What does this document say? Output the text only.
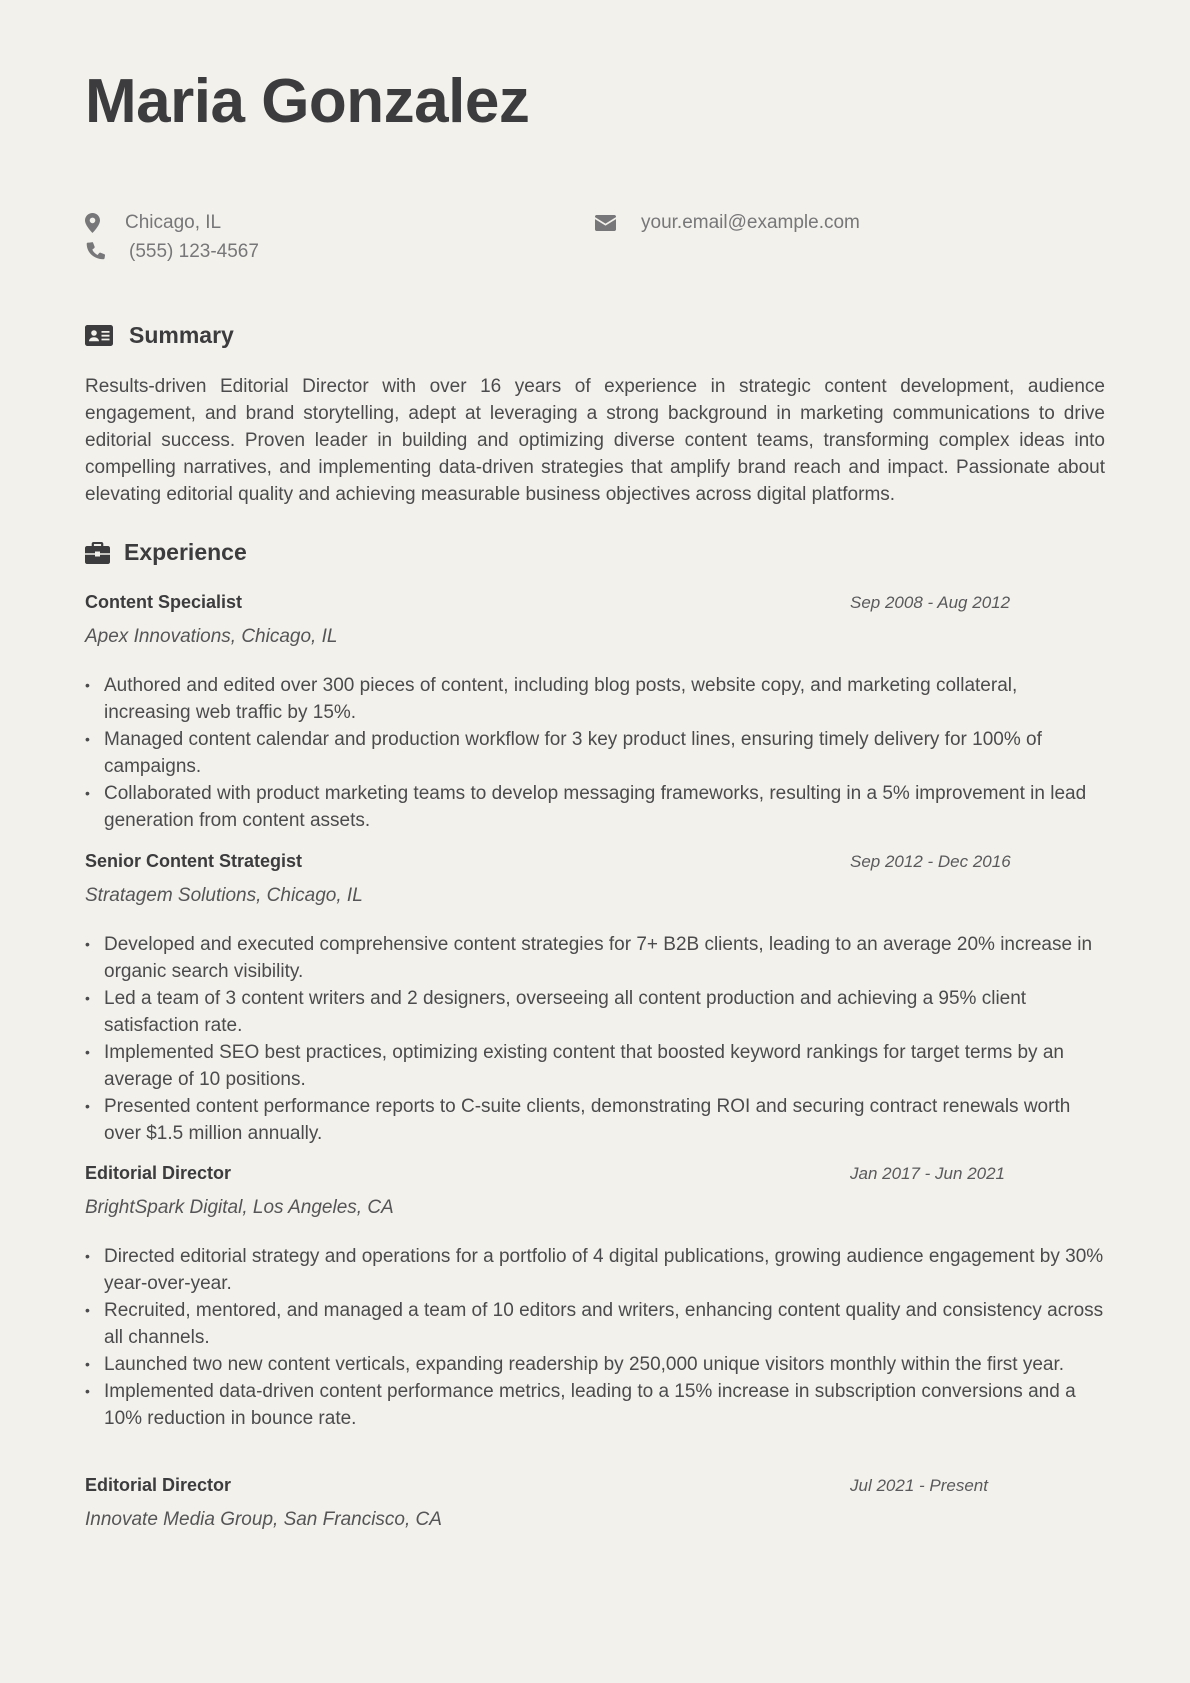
Maria Gonzalez
Chicago, IL
(555) 123-4567
your.email@example.com
Summary

Results-driven Editorial Director with over 16 years of experience in strategic content development, audience engagement, and brand storytelling, adept at leveraging a strong background in marketing communications to drive editorial success. Proven leader in building and optimizing diverse content teams, transforming complex ideas into compelling narratives, and implementing data-driven strategies that amplify brand reach and impact. Passionate about elevating editorial quality and achieving measurable business objectives across digital platforms.

Experience
Content Specialist	Sep 2008 - Aug 2012
Apex Innovations, Chicago, IL
• Authored and edited over 300 pieces of content, including blog posts, website copy, and marketing collateral, increasing web traffic by 15%.
• Managed content calendar and production workflow for 3 key product lines, ensuring timely delivery for 100% of campaigns.
• Collaborated with product marketing teams to develop messaging frameworks, resulting in a 5% improvement in lead generation from content assets.
Senior Content Strategist	Sep 2012 - Dec 2016
Stratagem Solutions, Chicago, IL
• Developed and executed comprehensive content strategies for 7+ B2B clients, leading to an average 20% increase in organic search visibility.
• Led a team of 3 content writers and 2 designers, overseeing all content production and achieving a 95% client satisfaction rate.
• Implemented SEO best practices, optimizing existing content that boosted keyword rankings for target terms by an average of 10 positions.
• Presented content performance reports to C-suite clients, demonstrating ROI and securing contract renewals worth over $1.5 million annually.
Editorial Director	Jan 2017 - Jun 2021
BrightSpark Digital, Los Angeles, CA
• Directed editorial strategy and operations for a portfolio of 4 digital publications, growing audience engagement by 30% year-over-year.
• Recruited, mentored, and managed a team of 10 editors and writers, enhancing content quality and consistency across all channels.
• Launched two new content verticals, expanding readership by 250,000 unique visitors monthly within the first year.
• Implemented data-driven content performance metrics, leading to a 15% increase in subscription conversions and a 10% reduction in bounce rate.
Editorial Director	Jul 2021 - Present
Innovate Media Group, San Francisco, CA
